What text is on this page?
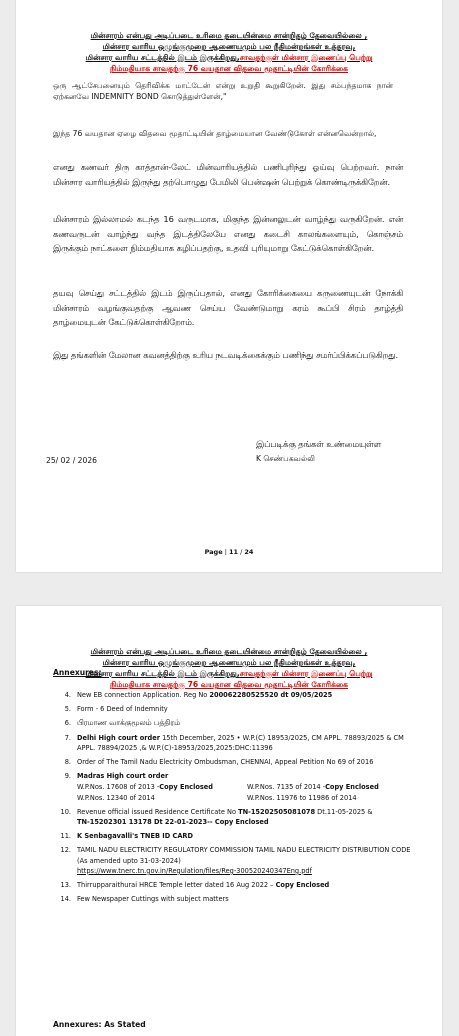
மின்சாரம் என்பது அடிப்படை உரிமை தடையின்மை சான்றிதழ் தேவையில்லை ,
மின்சார வாரிய ஒழுங்குமுறை ஆணையமும் பல நீதிமன்றங்கள் உத்தரவு,
மின்சார வாரிய சட்டத்தில் இடம் இருக்கிறது,சாவதற்குள் மின்சார இணைப்பு பெற்று
நிம்மதியாக சாவதற்கு 76 வயதான விதவை மூதாட்டியின் கோரிக்கை
ஒரு ஆட்சேபனையும் தெரிவிக்க மாட்டேன் என்று உறுதி கூறுகிறேன். இது சம்பந்தமாக நான் ஏற்கனவே INDEMNITY BOND கொடுத்துள்ளேன்,"
இந்த 76 வயதான ஏழை விதவை மூதாட்டியின் தாழ்மையான வேண்டுகோள் என்னவென்றால்,
எனது கணவர் திரு காத்தான்-லேட் மின்வாரியத்தில் பணிபுரிந்து ஓய்வு பெற்றவர். நான் மின்சார வாரியத்தில் இருந்து தற்பொழுது பேமிலி பென்ஷன் பெற்றுக் கொண்டிருக்கிறேன்.
மின்சாரம் இல்லாமல் கடந்த 16 வருடமாக, மிகுந்த இன்னலுடன் வாழ்ந்து வருகிறேன். என் கணவருடன் வாழ்ந்து வந்த இடத்திலேயே எனது கடைசி காலங்களையும், கொஞ்சம் இருக்கும் நாட்களை நிம்மதியாக கழிப்பதற்கு, உதவி புரியுமாறு கேட்டுக்கொள்கிறேன்.
தயவு செய்து சட்டத்தில் இடம் இருப்பதால், எனது கோரிக்கையை கருணையுடன் நோக்கி மின்சாரம் வழங்குவதற்கு ஆவண செய்ய வேண்டுமாறு கரம் கூப்பி சிரம் தாழ்த்தி தாழ்மையுடன் கேட்டுக்கொள்கிறோம்.
இது தங்களின் மேலான கவனத்திற்கு உரிய நடவடிக்கைக்கும் பணிந்து சமர்ப்பிக்கப்படுகிறது.
இப்படிக்கு தங்கள் உண்மையுள்ள
K செண்பகவல்லி
25/ 02 / 2026
Page | 11 / 24
மின்சாரம் என்பது அடிப்படை உரிமை தடையின்மை சான்றிதழ் தேவையில்லை ,
மின்சார வாரிய ஒழுங்குமுறை ஆணையமும் பல நீதிமன்றங்கள் உத்தரவு,
மின்சார வாரிய சட்டத்தில் இடம் இருக்கிறது,சாவதற்குள் மின்சார இணைப்பு பெற்று
நிம்மதியாக சாவதற்கு 76 வயதான விதவை மூதாட்டியின் கோரிக்கை
Annexures:
4. New EB connection Application. Reg No 200062280525520 dt 09/05/2025
5. Form - 6 Deed of Indemnity
6. பிரமாண வாக்குமூலம் பத்திரம்
7. Delhi High court order 15th December, 2025 • W.P.(C) 18953/2025, CM APPL. 78893/2025 & CM APPL. 78894/2025 ,& W.P.(C)-18953/2025,2025:DHC:11396
8. Order of The Tamil Nadu Electricity Ombudsman, CHENNAI, Appeal Petition No 69 of 2016
9. Madras High court order
W.P.Nos. 17608 of 2013 -Copy Enclosed	W.P.Nos. 7135 of 2014 -Copy Enclosed
W.P.Nos. 12340 of 2014	W.P.Nos. 11976 to 11986 of 2014
10. Revenue official issued Residence Certificate No TN-15202505081078 Dt.11-05-2025 &
TN-15202301 13178 Dt 22-01-2023-- Copy Enclosed
11. K Senbagavalli's TNEB ID CARD
12. TAMIL NADU ELECTRICITY REGULATORY COMMISSION TAMIL NADU ELECTRICITY DISTRIBUTION CODE (As amended upto 31-03-2024)
https://www.tnerc.tn.gov.in/Regulation/files/Reg-300520240347Eng.pdf
13. Thirrupparaithurai HRCE Temple letter dated 16 Aug 2022 – Copy Enclosed
14. Few Newspaper Cuttings with subject matters
Annexures: As Stated
